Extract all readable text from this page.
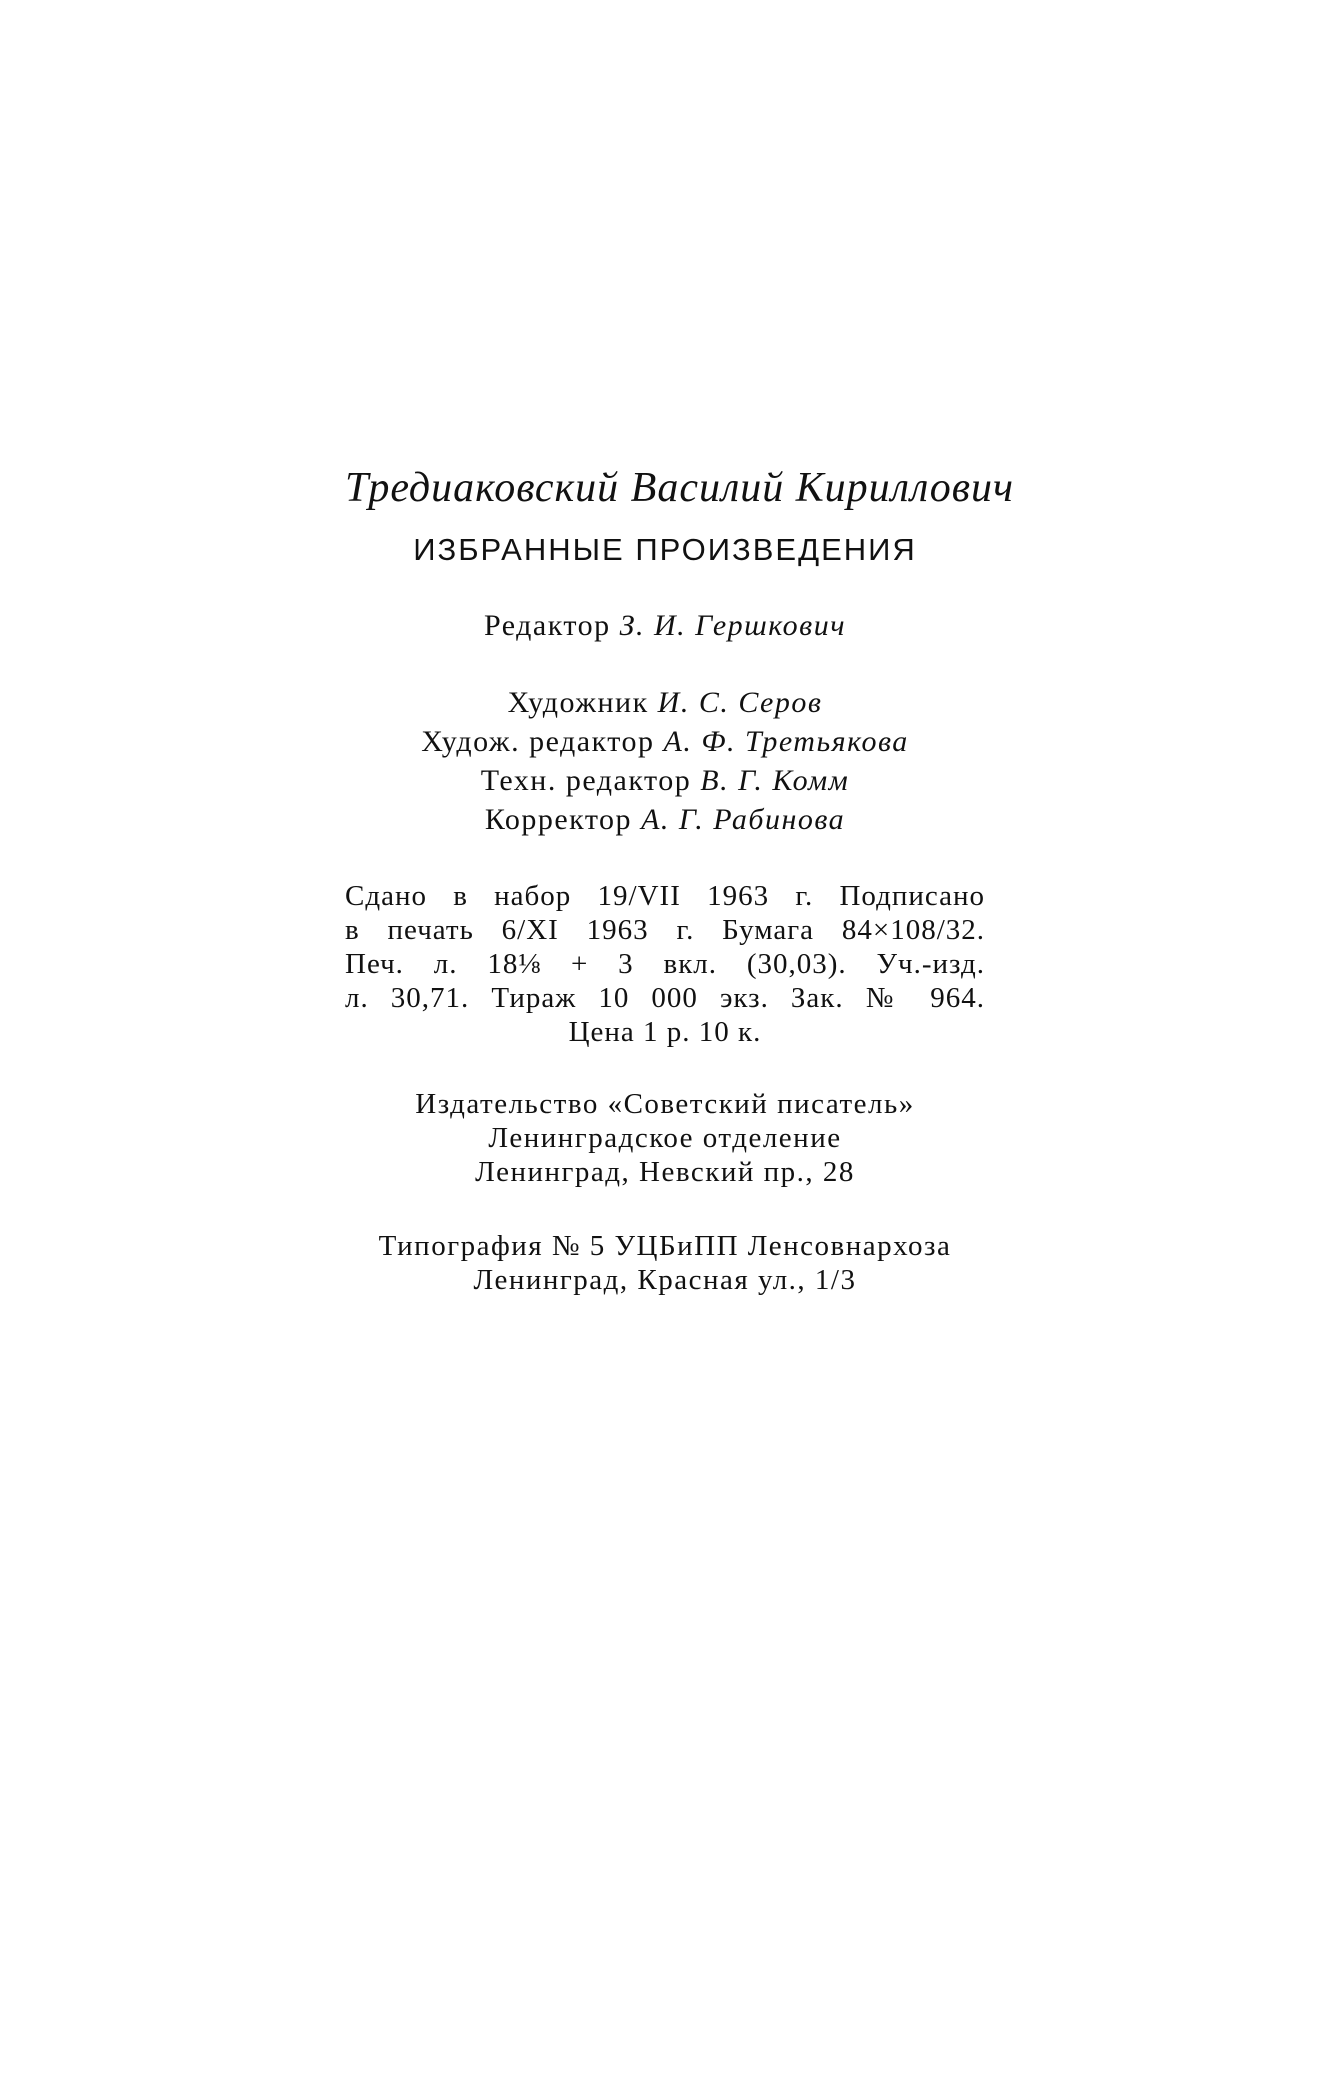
Тредиаковский Василий Кириллович
ИЗБРАННЫЕ ПРОИЗВЕДЕНИЯ
Редактор З. И. Гершкович
Художник И. С. Серов
Худож. редактор А. Ф. Третьякова
Техн. редактор В. Г. Комм
Корректор А. Г. Рабинова
Сдано в набор 19/VII 1963 г. Подписано
в печать 6/XI 1963 г. Бумага 84×108/32.
Печ. л. 18⅛ + 3 вкл. (30,03). Уч.-изд.
л. 30,71. Тираж 10 000 экз. Зак. № 964.
Цена 1 р. 10 к.
Издательство «Советский писатель»
Ленинградское отделение
Ленинград, Невский пр., 28
Типография № 5 УЦБиПП Ленсовнархоза
Ленинград, Красная ул., 1/3
